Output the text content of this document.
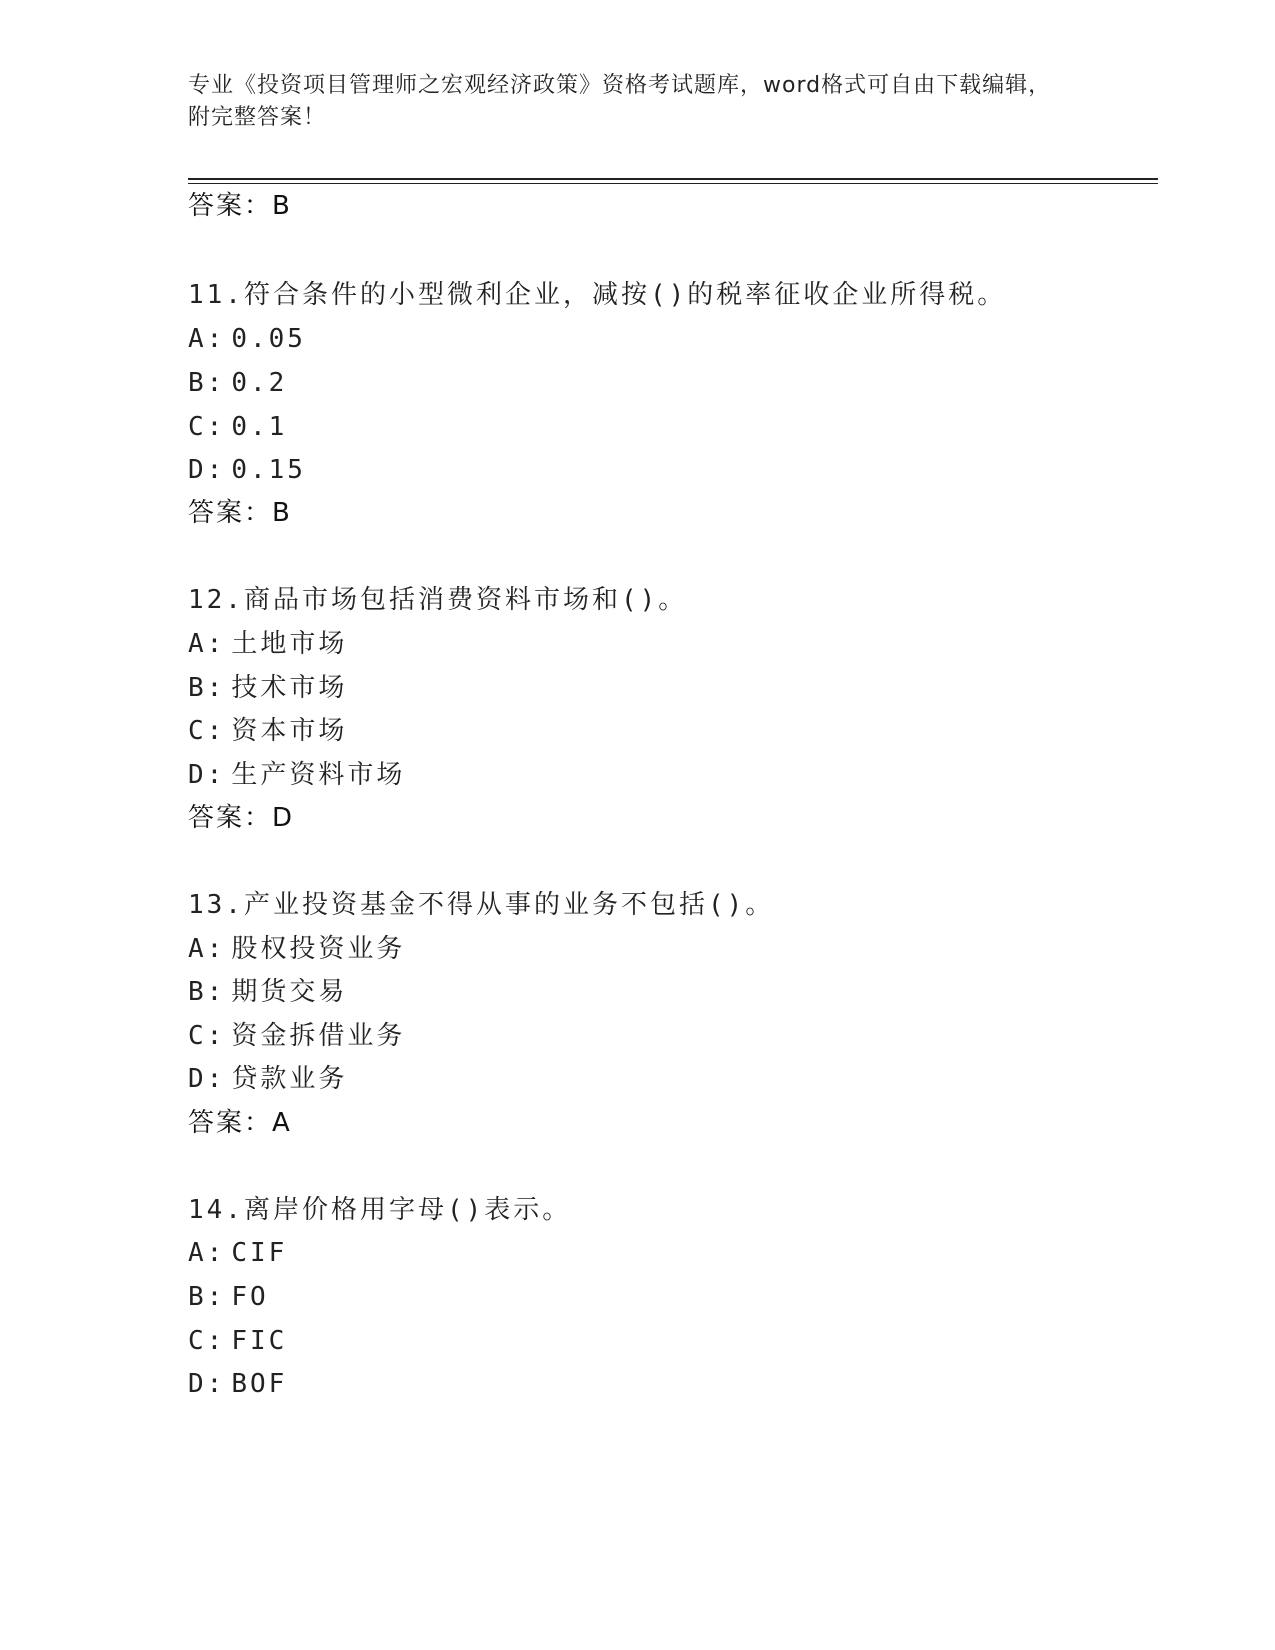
专业《投资项目管理师之宏观经济政策》资格考试题库，word格式可自由下载编辑，附完整答案！
答案：B
11.符合条件的小型微利企业，减按()的税率征收企业所得税。
A: 0.05
B: 0.2
C: 0.1
D: 0.15
答案：B
12.商品市场包括消费资料市场和()。
A: 土地市场
B: 技术市场
C: 资本市场
D: 生产资料市场
答案：D
13.产业投资基金不得从事的业务不包括()。
A: 股权投资业务
B: 期货交易
C: 资金拆借业务
D: 贷款业务
答案：A
14.离岸价格用字母()表示。
A: CIF
B: FO
C: FIC
D: BOF
